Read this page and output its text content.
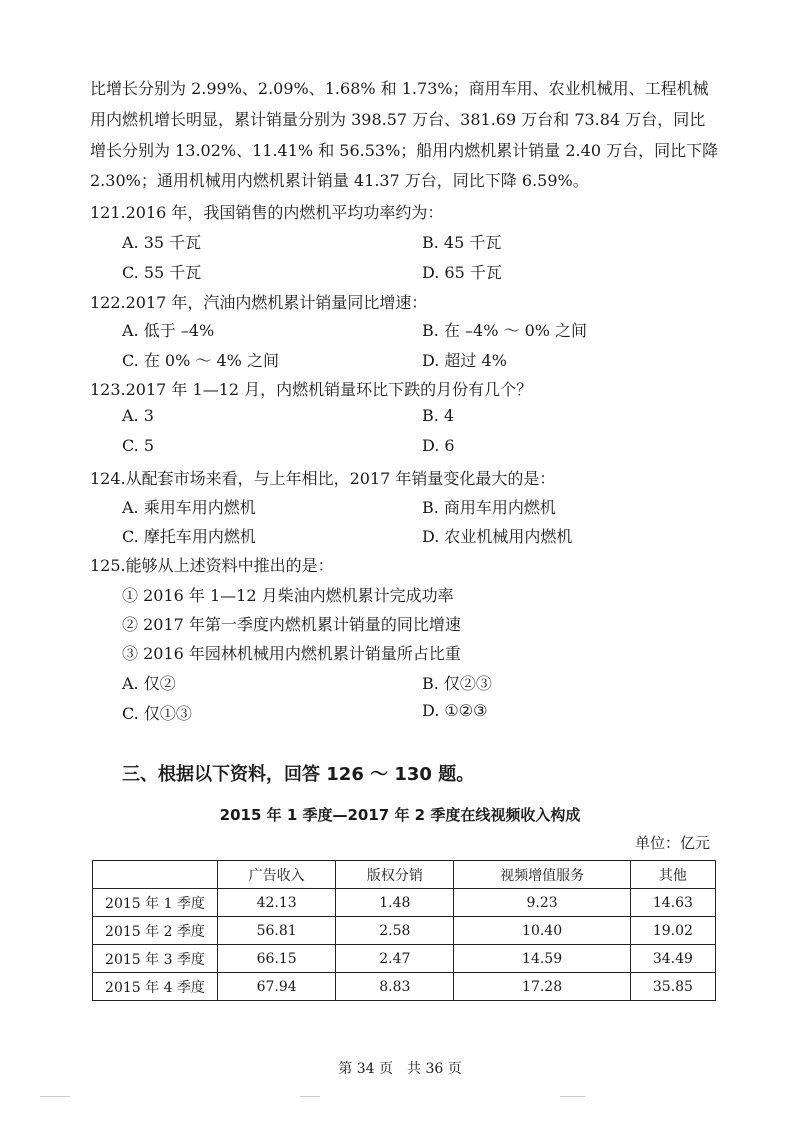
比增长分别为 2.99%、2.09%、1.68% 和 1.73%；商用车用、农业机械用、工程机械
用内燃机增长明显，累计销量分别为 398.57 万台、381.69 万台和 73.84 万台，同比
增长分别为 13.02%、11.41% 和 56.53%；船用内燃机累计销量 2.40 万台，同比下降
2.30%；通用机械用内燃机累计销量 41.37 万台，同比下降 6.59%。
121.2016 年，我国销售的内燃机平均功率约为：
A. 35 千瓦	B. 45 千瓦
C. 55 千瓦	D. 65 千瓦
122.2017 年，汽油内燃机累计销量同比增速：
A. 低于 –4%	B. 在 –4% ～ 0% 之间
C. 在 0% ～ 4% 之间	D. 超过 4%
123.2017 年 1—12 月，内燃机销量环比下跌的月份有几个？
A. 3	B. 4
C. 5	D. 6
124.从配套市场来看，与上年相比，2017 年销量变化最大的是：
A. 乘用车用内燃机	B. 商用车用内燃机
C. 摩托车用内燃机	D. 农业机械用内燃机
125.能够从上述资料中推出的是：
① 2016 年 1—12 月柴油内燃机累计完成功率
② 2017 年第一季度内燃机累计销量的同比增速
③ 2016 年园林机械用内燃机累计销量所占比重
A. 仅②	B. 仅②③
C. 仅①③	D. ①②③
三、根据以下资料，回答 126 ～ 130 题。
2015 年 1 季度—2017 年 2 季度在线视频收入构成
单位：亿元
	广告收入	版权分销	视频增值服务	其他
2015 年 1 季度	42.13	1.48	9.23	14.63
2015 年 2 季度	56.81	2.58	10.40	19.02
2015 年 3 季度	66.15	2.47	14.59	34.49
2015 年 4 季度	67.94	8.83	17.28	35.85
第 34 页　共 36 页
